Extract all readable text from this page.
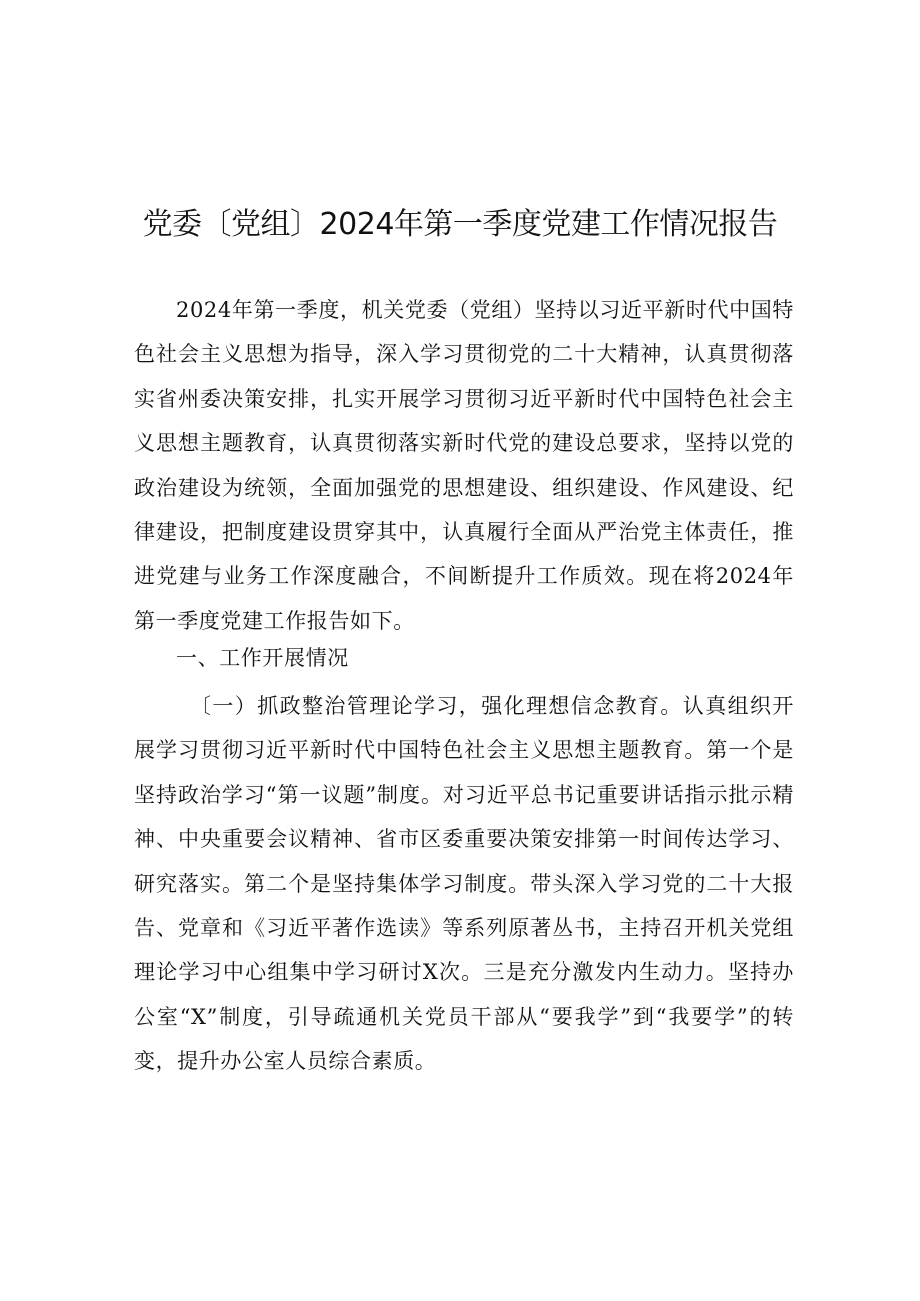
党委〔党组〕2024年第一季度党建工作情况报告

2024年第一季度，机关党委（党组）坚持以习近平新时代中国特色社会主义思想为指导，深入学习贯彻党的二十大精神，认真贯彻落实省州委决策安排，扎实开展学习贯彻习近平新时代中国特色社会主义思想主题教育，认真贯彻落实新时代党的建设总要求，坚持以党的政治建设为统领，全面加强党的思想建设、组织建设、作风建设、纪律建设，把制度建设贯穿其中，认真履行全面从严治党主体责任，推进党建与业务工作深度融合，不间断提升工作质效。现在将2024年第一季度党建工作报告如下。

一、工作开展情况

〔一）抓政整治管理论学习，强化理想信念教育。认真组织开展学习贯彻习近平新时代中国特色社会主义思想主题教育。第一个是坚持政治学习“第一议题”制度。对习近平总书记重要讲话指示批示精神、中央重要会议精神、省市区委重要决策安排第一时间传达学习、研究落实。第二个是坚持集体学习制度。带头深入学习党的二十大报告、党章和《习近平著作选读》等系列原著丛书，主持召开机关党组理论学习中心组集中学习研讨X次。三是充分激发内生动力。坚持办公室“X”制度，引导疏通机关党员干部从“要我学”到“我要学”的转变，提升办公室人员综合素质。
